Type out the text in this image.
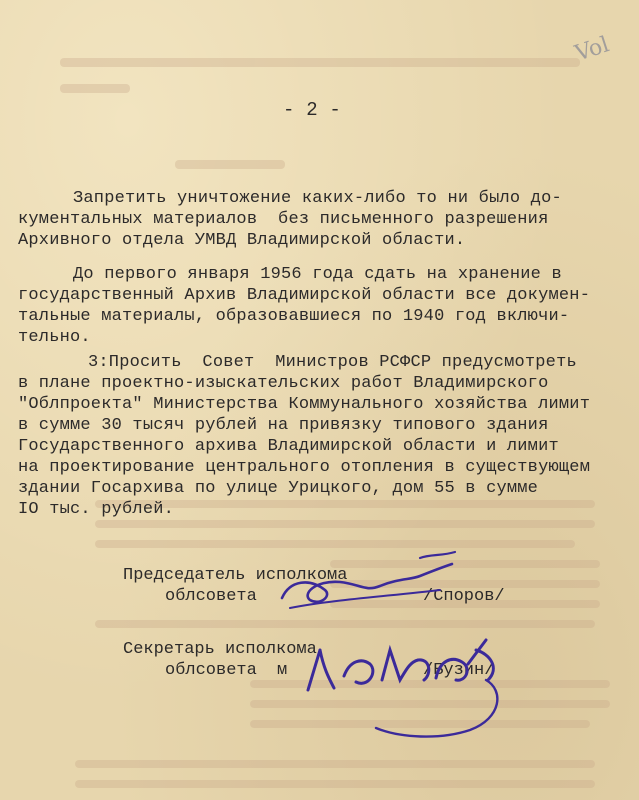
Vol
- 2 -
Запретить уничтожение каких-либо то ни было до-
кументальных материалов  без письменного разрешения
Архивного отдела УМВД Владимирской области.
До первого января 1956 года сдать на хранение в
государственный Архив Владимирской области все докумен-
тальные материалы, образовавшиеся по 1940 год включи-
тельно.
3:Просить  Совет  Министров РСФСР предусмотреть
в плане проектно-изыскательских работ Владимирского
"Облпроекта" Министерства Коммунального хозяйства лимит
в сумме 30 тысяч рублей на привязку типового здания
Государственного архива Владимирской области и лимит
на проектирование центрального отопления в существующем
здании Госархива по улице Урицкого, дом 55 в сумме
IO тыс. рублей.
Председатель исполкома
облсовета	/Споров/
Секретарь исполкома
облсовета м	/Бузин/
